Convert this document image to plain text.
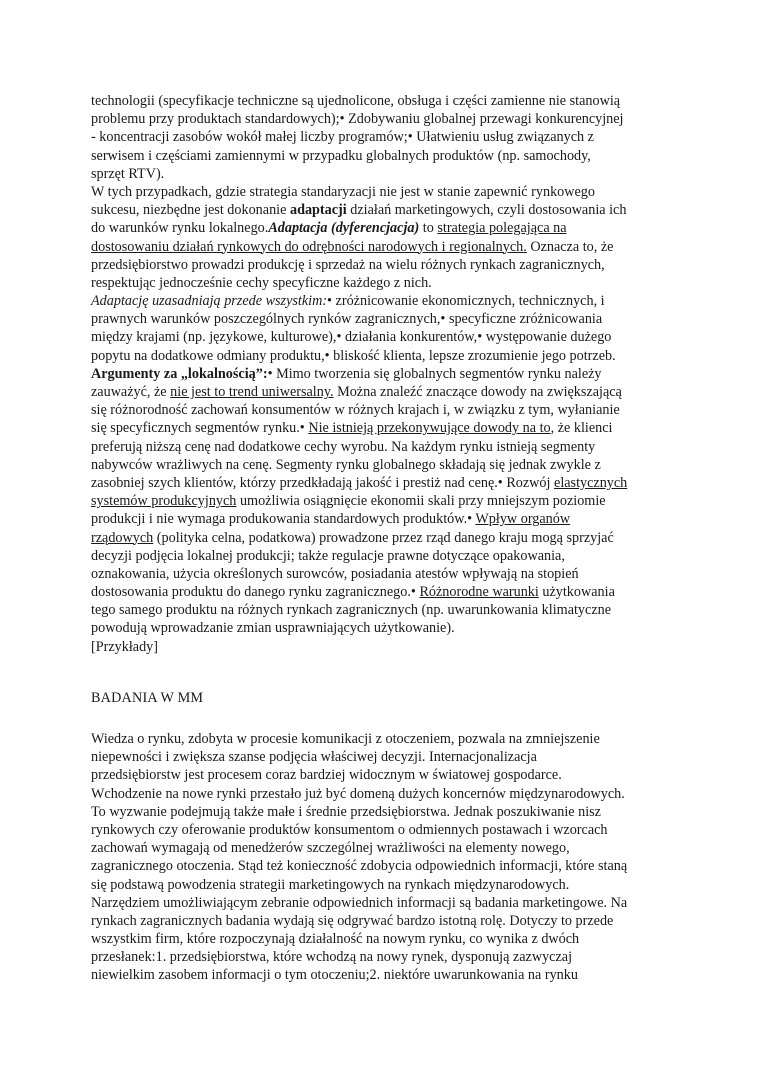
technologii (specyfikacje techniczne są ujednolicone, obsługa i części zamienne nie stanowią
problemu przy produktach standardowych);• Zdobywaniu globalnej przewagi konkurencyjnej
- koncentracji zasobów wokół małej liczby programów;• Ułatwieniu usług związanych z
serwisem i częściami zamiennymi w przypadku globalnych produktów (np. samochody,
sprzęt RTV).
W tych przypadkach, gdzie strategia standaryzacji nie jest w stanie zapewnić rynkowego
sukcesu, niezbędne jest dokonanie adaptacji działań marketingowych, czyli dostosowania ich
do warunków rynku lokalnego.Adaptacja (dyferencjacja) to strategia polegająca na
dostosowaniu działań rynkowych do odrębności narodowych i regionalnych. Oznacza to, że
przedsiębiorstwo prowadzi produkcję i sprzedaż na wielu różnych rynkach zagranicznych,
respektując jednocześnie cechy specyficzne każdego z nich.
Adaptację uzasadniają przede wszystkim:• zróżnicowanie ekonomicznych, technicznych, i
prawnych warunków poszczególnych rynków zagranicznych,• specyficzne zróżnicowania
między krajami (np. językowe, kulturowe),• działania konkurentów,• występowanie dużego
popytu na dodatkowe odmiany produktu,• bliskość klienta, lepsze zrozumienie jego potrzeb.
Argumenty za „lokalnością”:• Mimo tworzenia się globalnych segmentów rynku należy
zauważyć, że nie jest to trend uniwersalny. Można znaleźć znaczące dowody na zwiększającą
się różnorodność zachowań konsumentów w różnych krajach i, w związku z tym, wyłanianie
się specyficznych segmentów rynku.• Nie istnieją przekonywujące dowody na to, że klienci
preferują niższą cenę nad dodatkowe cechy wyrobu. Na każdym rynku istnieją segmenty
nabywców wrażliwych na cenę. Segmenty rynku globalnego składają się jednak zwykle z
zasobniej szych klientów, którzy przedkładają jakość i prestiż nad cenę.• Rozwój elastycznych
systemów produkcyjnych umożliwia osiągnięcie ekonomii skali przy mniejszym poziomie
produkcji i nie wymaga produkowania standardowych produktów.• Wpływ organów
rządowych (polityka celna, podatkowa) prowadzone przez rząd danego kraju mogą sprzyjać
decyzji podjęcia lokalnej produkcji; także regulacje prawne dotyczące opakowania,
oznakowania, użycia określonych surowców, posiadania atestów wpływają na stopień
dostosowania produktu do danego rynku zagranicznego.• Różnorodne warunki użytkowania
tego samego produktu na różnych rynkach zagranicznych (np. uwarunkowania klimatyczne
powodują wprowadzanie zmian usprawniających użytkowanie).
[Przykłady]
BADANIA W MM
Wiedza o rynku, zdobyta w procesie komunikacji z otoczeniem, pozwala na zmniejszenie
niepewności i zwiększa szanse podjęcia właściwej decyzji. Internacjonalizacja
przedsiębiorstw jest procesem coraz bardziej widocznym w światowej gospodarce.
Wchodzenie na nowe rynki przestało już być domeną dużych koncernów międzynarodowych.
To wyzwanie podejmują także małe i średnie przedsiębiorstwa. Jednak poszukiwanie nisz
rynkowych czy oferowanie produktów konsumentom o odmiennych postawach i wzorcach
zachowań wymagają od menedżerów szczególnej wrażliwości na elementy nowego,
zagranicznego otoczenia. Stąd też konieczność zdobycia odpowiednich informacji, które staną
się podstawą powodzenia strategii marketingowych na rynkach międzynarodowych.
Narzędziem umożliwiającym zebranie odpowiednich informacji są badania marketingowe. Na
rynkach zagranicznych badania wydają się odgrywać bardzo istotną rolę. Dotyczy to przede
wszystkim firm, które rozpoczynają działalność na nowym rynku, co wynika z dwóch
przesłanek:1. przedsiębiorstwa, które wchodzą na nowy rynek, dysponują zazwyczaj
niewielkim zasobem informacji o tym otoczeniu;2. niektóre uwarunkowania na rynku
